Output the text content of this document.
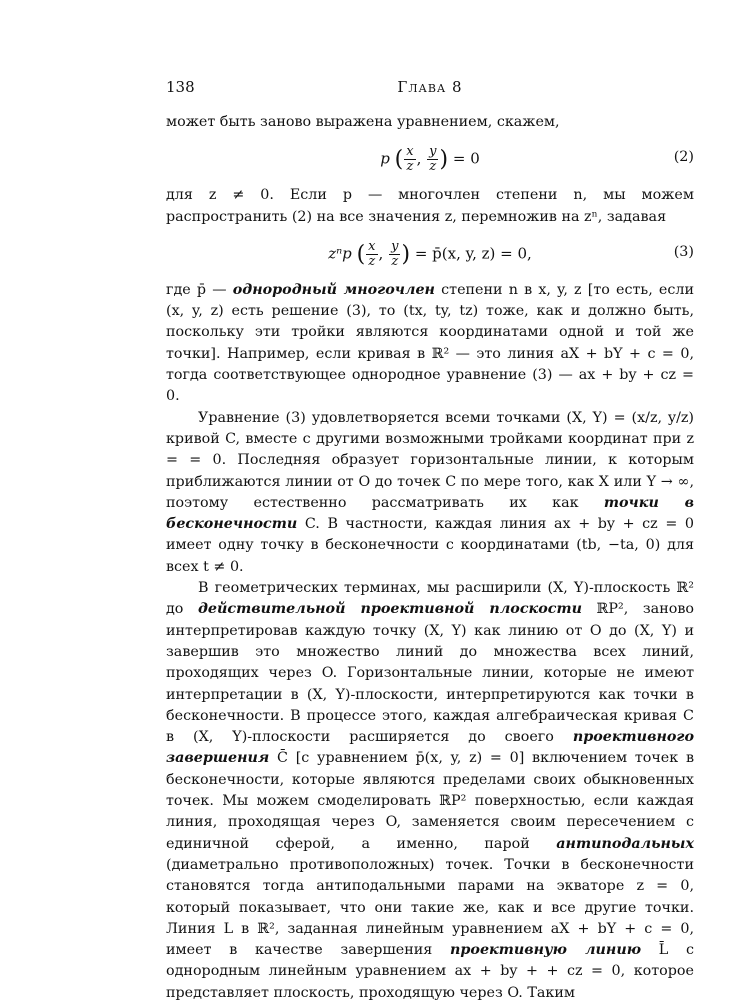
138	Глава 8

может быть заново выражена уравнением, скажем,

p ( $\frac{x}{z}$ , $\frac{y}{z}$ ) = 0	(2)

для z ≠ 0. Если p — многочлен степени n, мы можем распространить (2) на все значения z, перемножив на zⁿ, задавая

zⁿp ( $\frac{x}{z}$ , $\frac{y}{z}$ ) = p̄(x, y, z) = 0,	(3)

где p̄ — однородный многочлен степени n в x, y, z [то есть, если (x, y, z) есть решение (3), то (tx, ty, tz) тоже, как и должно быть, поскольку эти тройки являются координатами одной и той же точки]. Например, если кривая в ℝ² — это линия aX + bY + c = 0, тогда соответствующее однородное уравнение (3) — ax + by + cz = 0.

Уравнение (3) удовлетворяется всеми точками (X, Y) = (x/z, y/z) кривой C, вместе с другими возможными тройками координат при z = = 0. Последняя образует горизонтальные линии, к которым приближаются линии от O до точек C по мере того, как X или Y → ∞, поэтому естественно рассматривать их как точки в бесконечности C. В частности, каждая линия ax + by + cz = 0 имеет одну точку в бесконечности с координатами (tb, −ta, 0) для всех t ≠ 0.

В геометрических терминах, мы расширили (X, Y)-плоскость ℝ² до действительной проективной плоскости ℝP², заново интерпретировав каждую точку (X, Y) как линию от O до (X, Y) и завершив это множество линий до множества всех линий, проходящих через O. Горизонтальные линии, которые не имеют интерпретации в (X, Y)-плоскости, интерпретируются как точки в бесконечности. В процессе этого, каждая алгебраическая кривая C в (X, Y)-плоскости расширяется до своего проективного завершения C̄ [с уравнением p̄(x, y, z) = 0] включением точек в бесконечности, которые являются пределами своих обыкновенных точек. Мы можем смоделировать ℝP² поверхностью, если каждая линия, проходящая через O, заменяется своим пересечением с единичной сферой, а именно, парой антиподальных (диаметрально противоположных) точек. Точки в бесконечности становятся тогда антиподальными парами на экваторе z = 0, который показывает, что они такие же, как и все другие точки. Линия L в ℝ², заданная линейным уравнением aX + bY + c = 0, имеет в качестве завершения проективную линию L̄ с однородным линейным уравнением ax + by + + cz = 0, которое представляет плоскость, проходящую через O. Таким
